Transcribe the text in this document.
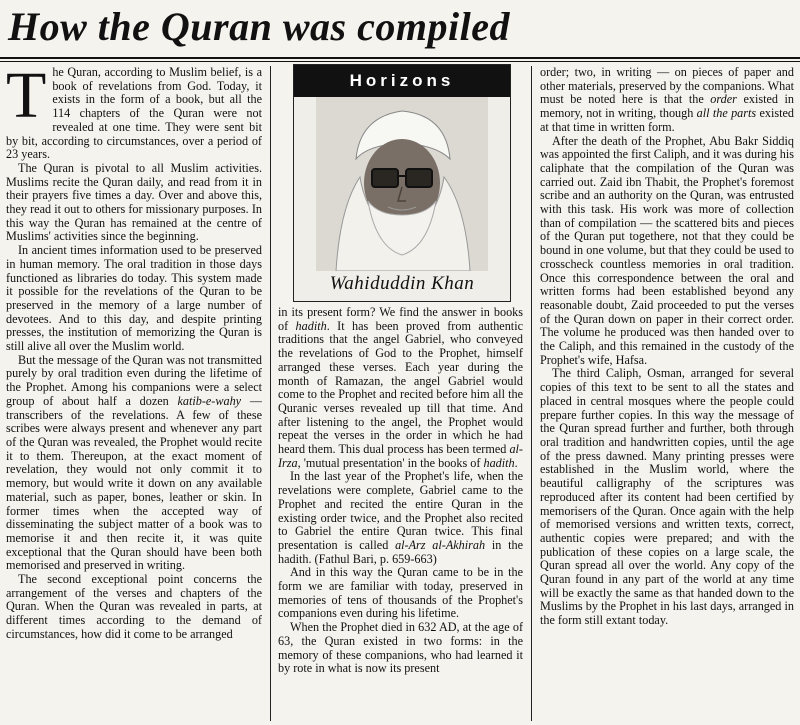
How the Quran was compiled

The Quran, according to Muslim belief, is a book of revelations from God. Today, it exists in the form of a book, but all the 114 chapters of the Quran were not revealed at one time. They were sent bit by bit, according to circumstances, over a period of 23 years.

The Quran is pivotal to all Muslim activities. Muslims recite the Quran daily, and read from it in their prayers five times a day. Over and above this, they read it out to others for missionary purposes. In this way the Quran has remained at the centre of Muslims' activities since the beginning.

In ancient times information used to be preserved in human memory. The oral tradition in those days functioned as libraries do today. This system made it possible for the revelations of the Quran to be preserved in the memory of a large number of devotees. And to this day, and despite printing presses, the institution of memorizing the Quran is still alive all over the Muslim world.

But the message of the Quran was not transmitted purely by oral tradition even during the lifetime of the Prophet. Among his companions were a select group of about half a dozen katib-e-wahy — transcribers of the revelations. A few of these scribes were always present and whenever any part of the Quran was revealed, the Prophet would recite it to them. Thereupon, at the exact moment of revelation, they would not only commit it to memory, but would write it down on any available material, such as paper, bones, leather or skin. In former times when the accepted way of disseminating the subject matter of a book was to memorise it and then recite it, it was quite exceptional that the Quran should have been both memorised and preserved in writing.

The second exceptional point concerns the arrangement of the verses and chapters of the Quran. When the Quran was revealed in parts, at different times according to the demand of circumstances, how did it come to be arranged

Horizons
Wahiduddin Khan

in its present form? We find the answer in books of hadith. It has been proved from authentic traditions that the angel Gabriel, who conveyed the revelations of God to the Prophet, himself arranged these verses. Each year during the month of Ramazan, the angel Gabriel would come to the Prophet and recited before him all the Quranic verses revealed up till that time. And after listening to the angel, the Prophet would repeat the verses in the order in which he had heard them. This dual process has been termed al-Irza, 'mutual presentation' in the books of hadith.

In the last year of the Prophet's life, when the revelations were complete, Gabriel came to the Prophet and recited the entire Quran in the existing order twice, and the Prophet also recited to Gabriel the entire Quran twice. This final presentation is called al-Arz al-Akhirah in the hadith. (Fathul Bari, p. 659-663)

And in this way the Quran came to be in the form we are familiar with today, preserved in memories of tens of thousands of the Prophet's companions even during his lifetime.

When the Prophet died in 632 AD, at the age of 63, the Quran existed in two forms: in the memory of these companions, who had learned it by rote in what is now its present

order; two, in writing — on pieces of paper and other materials, preserved by the companions. What must be noted here is that the order existed in memory, not in writing, though all the parts existed at that time in written form.

After the death of the Prophet, Abu Bakr Siddiq was appointed the first Caliph, and it was during his caliphate that the compilation of the Quran was carried out. Zaid ibn Thabit, the Prophet's foremost scribe and an authority on the Quran, was entrusted with this task. His work was more of collection than of compilation — the scattered bits and pieces of the Quran put togethere, not that they could be bound in one volume, but that they could be used to crosscheck countless memories in oral tradition. Once this correspondence between the oral and written forms had been established beyond any reasonable doubt, Zaid proceeded to put the verses of the Quran down on paper in their correct order. The volume he produced was then handed over to the Caliph, and this remained in the custody of the Prophet's wife, Hafsa.

The third Caliph, Osman, arranged for several copies of this text to be sent to all the states and placed in central mosques where the people could prepare further copies. In this way the message of the Quran spread further and further, both through oral tradition and handwritten copies, until the age of the press dawned. Many printing presses were established in the Muslim world, where the beautiful calligraphy of the scriptures was reproduced after its content had been certified by memorisers of the Quran. Once again with the help of memorised versions and written texts, correct, authentic copies were prepared; and with the publication of these copies on a large scale, the Quran spread all over the world. Any copy of the Quran found in any part of the world at any time will be exactly the same as that handed down to the Muslims by the Prophet in his last days, arranged in the form still extant today.
